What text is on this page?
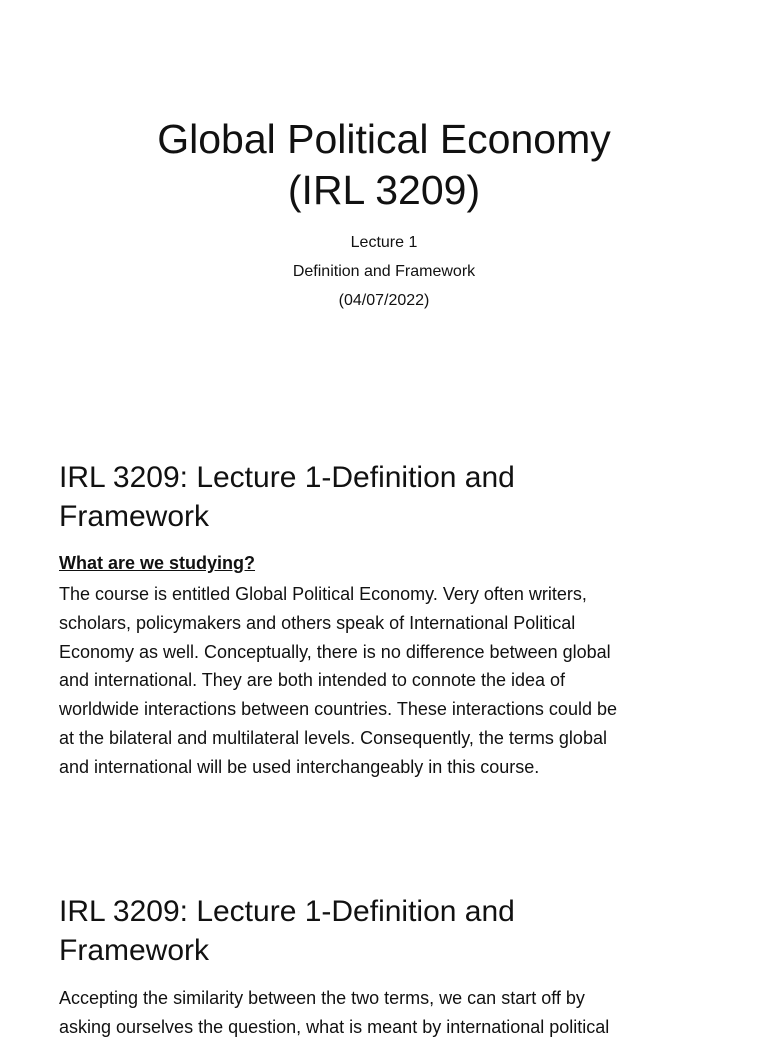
Global Political Economy
(IRL 3209)
Lecture 1
Definition and Framework
(04/07/2022)
IRL 3209: Lecture 1-Definition and
Framework
What are we studying?
The course is entitled Global Political Economy. Very often writers,
scholars, policymakers and others speak of International Political
Economy as well. Conceptually, there is no difference between global
and international. They are both intended to connote the idea of
worldwide interactions between countries. These interactions could be
at the bilateral and multilateral levels. Consequently, the terms global
and international will be used interchangeably in this course.
IRL 3209: Lecture 1-Definition and
Framework
Accepting the similarity between the two terms, we can start off by
asking ourselves the question, what is meant by international political
